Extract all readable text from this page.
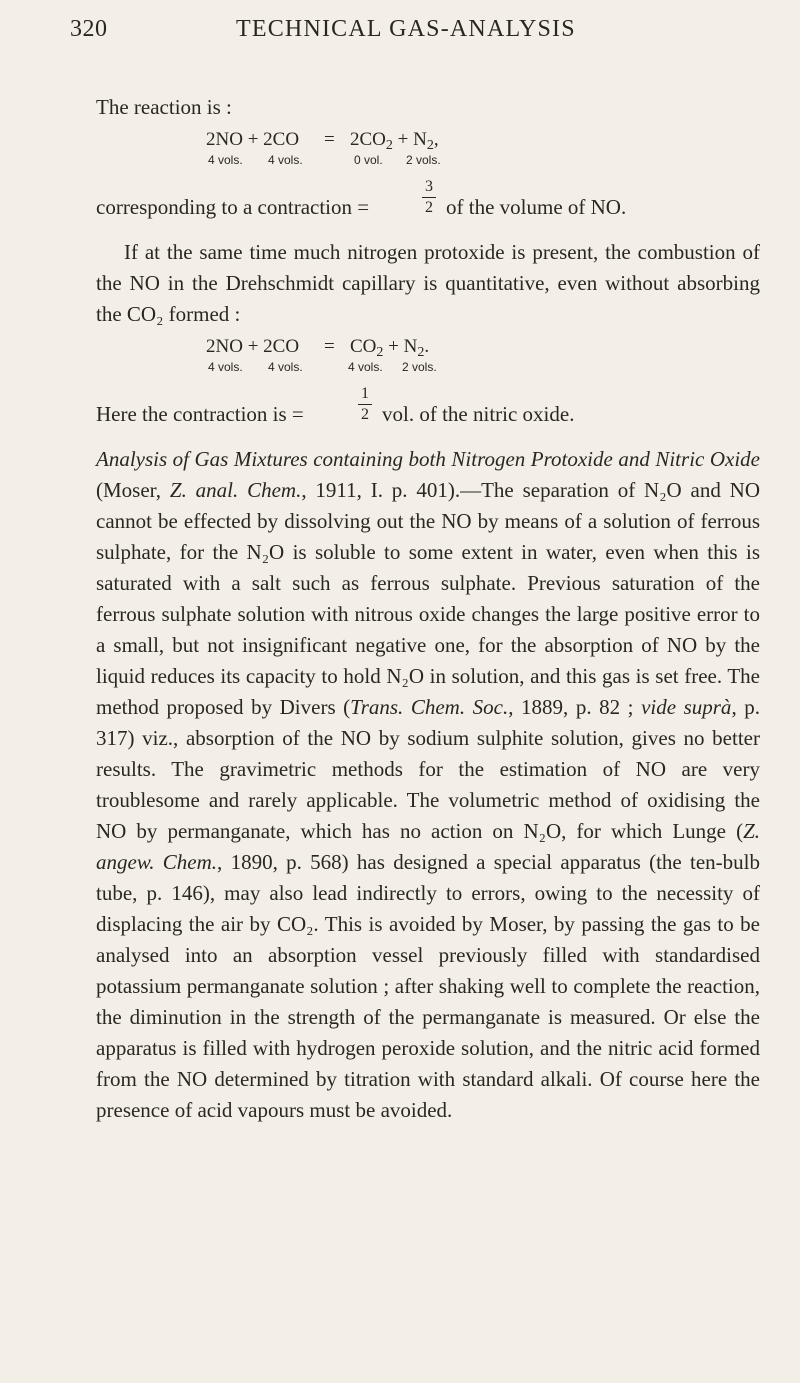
320	TECHNICAL GAS-ANALYSIS

The reaction is :

$2NO + 2CO = 2CO_2 + N_2$,
4 vols. 4 vols.	0 vol. 2 vols.
corresponding to a contraction =	$\frac{3}{2}$ of the volume of NO.

If at the same time much nitrogen protoxide is present, the combustion of the NO in the Drehschmidt capillary is quantitative, even without absorbing the CO₂ formed :

$2NO + 2CO = CO_2 + N_2$.
4 vols. 4 vols.	4 vols. 2 vols.
Here the contraction is =	$\frac{1}{2}$ vol. of the nitric oxide.

Analysis of Gas Mixtures containing both Nitrogen Protoxide and Nitric Oxide (Moser, Z. anal. Chem., 1911, I. p. 401).—The separation of N₂O and NO cannot be effected by dissolving out the NO by means of a solution of ferrous sulphate, for the N₂O is soluble to some extent in water, even when this is saturated with a salt such as ferrous sulphate. Previous saturation of the ferrous sulphate solution with nitrous oxide changes the large positive error to a small, but not insignificant negative one, for the absorption of NO by the liquid reduces its capacity to hold N₂O in solution, and this gas is set free. The method proposed by Divers (Trans. Chem. Soc., 1889, p. 82 ; vide suprà, p. 317) viz., absorption of the NO by sodium sulphite solution, gives no better results. The gravimetric methods for the estimation of NO are very troublesome and rarely applicable. The volumetric method of oxidising the NO by permanganate, which has no action on N₂O, for which Lunge (Z. angew. Chem., 1890, p. 568) has designed a special apparatus (the ten-bulb tube, p. 146), may also lead indirectly to errors, owing to the necessity of displacing the air by CO₂. This is avoided by Moser, by passing the gas to be analysed into an absorption vessel previously filled with standardised potassium permanganate solution ; after shaking well to complete the reaction, the diminution in the strength of the permanganate is measured. Or else the apparatus is filled with hydrogen peroxide solution, and the nitric acid formed from the NO determined by titration with standard alkali. Of course here the presence of acid vapours must be avoided.
